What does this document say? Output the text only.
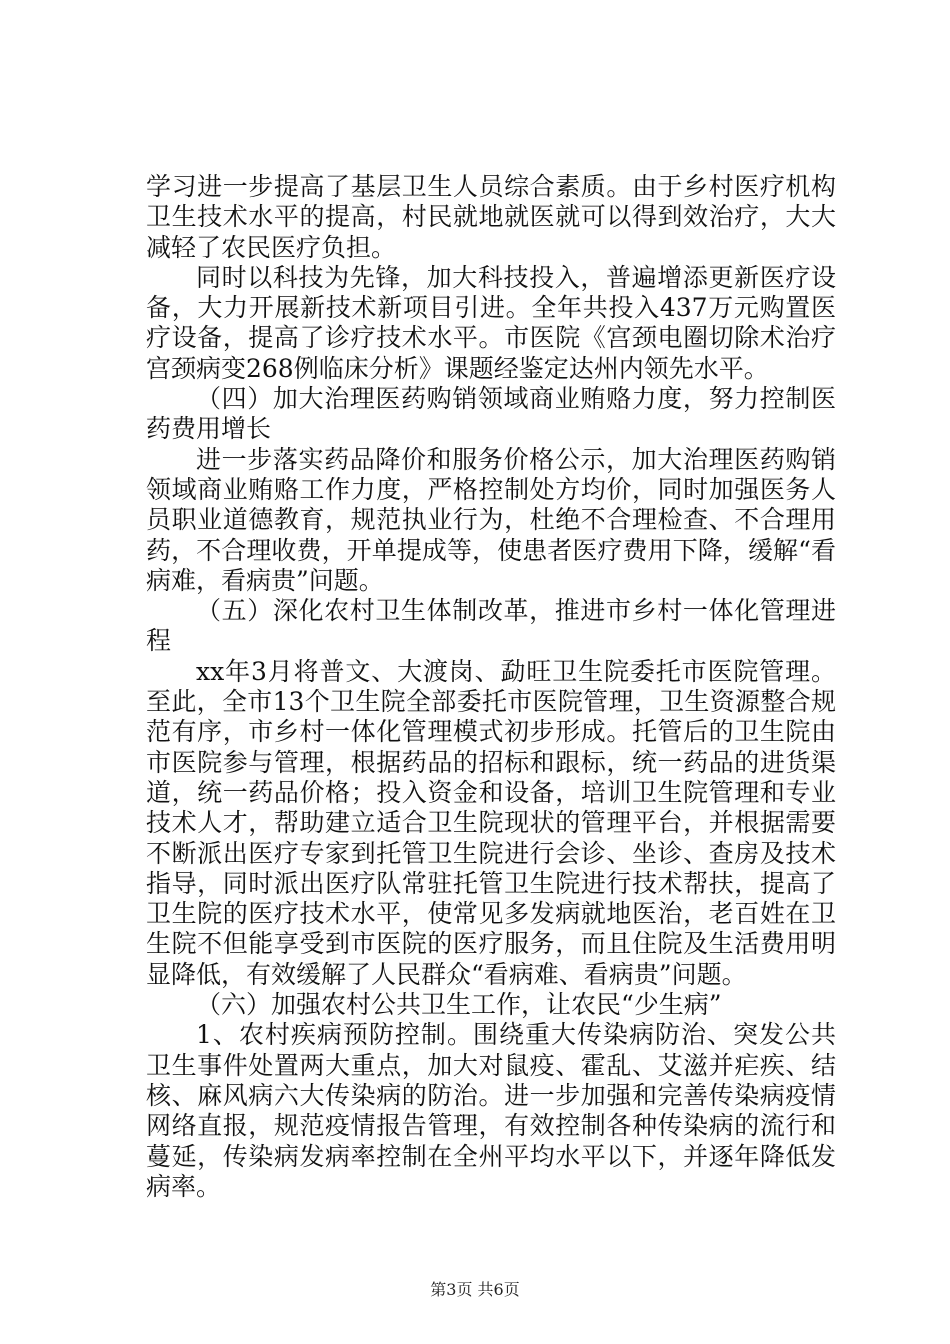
学习进一步提高了基层卫生人员综合素质。由于乡村医疗机构卫生技术水平的提高，村民就地就医就可以得到效治疗，大大减轻了农民医疗负担。

同时以科技为先锋，加大科技投入，普遍增添更新医疗设备，大力开展新技术新项目引进。全年共投入437万元购置医疗设备，提高了诊疗技术水平。市医院《宫颈电圈切除术治疗宫颈病变268例临床分析》课题经鉴定达州内领先水平。

（四）加大治理医药购销领域商业贿赂力度，努力控制医药费用增长

进一步落实药品降价和服务价格公示，加大治理医药购销领域商业贿赂工作力度，严格控制处方均价，同时加强医务人员职业道德教育，规范执业行为，杜绝不合理检查、不合理用药，不合理收费，开单提成等，使患者医疗费用下降，缓解“看病难，看病贵”问题。

（五）深化农村卫生体制改革，推进市乡村一体化管理进程

xx年3月将普文、大渡岗、勐旺卫生院委托市医院管理。至此，全市13个卫生院全部委托市医院管理，卫生资源整合规范有序，市乡村一体化管理模式初步形成。托管后的卫生院由市医院参与管理，根据药品的招标和跟标，统一药品的进货渠道，统一药品价格；投入资金和设备，培训卫生院管理和专业技术人才，帮助建立适合卫生院现状的管理平台，并根据需要不断派出医疗专家到托管卫生院进行会诊、坐诊、查房及技术指导，同时派出医疗队常驻托管卫生院进行技术帮扶，提高了卫生院的医疗技术水平，使常见多发病就地医治，老百姓在卫生院不但能享受到市医院的医疗服务，而且住院及生活费用明显降低，有效缓解了人民群众“看病难、看病贵”问题。

（六）加强农村公共卫生工作，让农民“少生病”

1、农村疾病预防控制。围绕重大传染病防治、突发公共卫生事件处置两大重点，加大对鼠疫、霍乱、艾滋并疟疾、结核、麻风病六大传染病的防治。进一步加强和完善传染病疫情网络直报，规范疫情报告管理，有效控制各种传染病的流行和蔓延，传染病发病率控制在全州平均水平以下，并逐年降低发病率。

第3页 共6页
